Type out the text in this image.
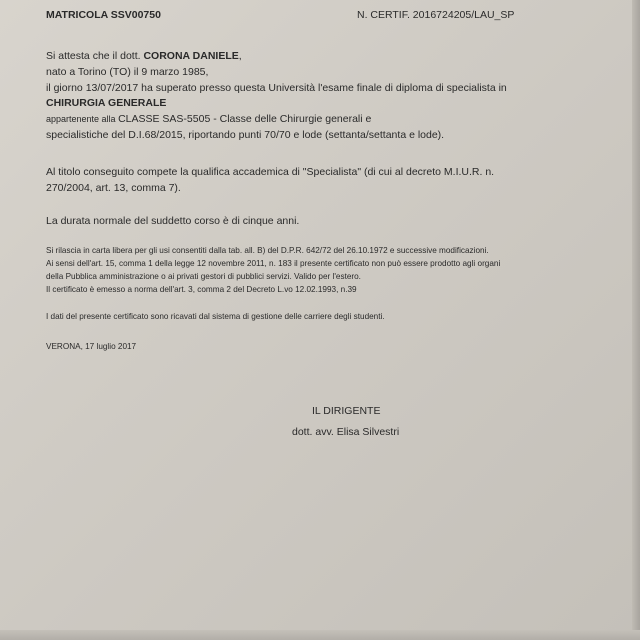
MATRICOLA SSV00750	N. CERTIF. 2016724205/LAU_SP
Si attesta che il dott. CORONA DANIELE,
nato a Torino (TO) il 9 marzo 1985,
il giorno 13/07/2017 ha superato presso questa Università l'esame finale di diploma di specialista in
CHIRURGIA GENERALE
appartenente alla CLASSE SAS-5505 - Classe delle Chirurgie generali e
specialistiche del D.I.68/2015, riportando punti 70/70 e lode (settanta/settanta e lode).
Al titolo conseguito compete la qualifica accademica di "Specialista" (di cui al decreto M.I.U.R. n.
270/2004, art. 13, comma 7).
La durata normale del suddetto corso è di cinque anni.
Si rilascia in carta libera per gli usi consentiti dalla tab. all. B) del D.P.R. 642/72 del 26.10.1972 e successive modificazioni.
Ai sensi dell'art. 15, comma 1 della legge 12 novembre 2011, n. 183 il presente certificato non può essere prodotto agli organi
della Pubblica amministrazione o ai privati gestori di pubblici servizi. Valido per l'estero.
Il certificato è emesso a norma dell'art. 3, comma 2 del Decreto L.vo 12.02.1993, n.39
I dati del presente certificato sono ricavati dal sistema di gestione delle carriere degli studenti.
VERONA, 17 luglio 2017
IL DIRIGENTE
dott. avv. Elisa Silvestri
